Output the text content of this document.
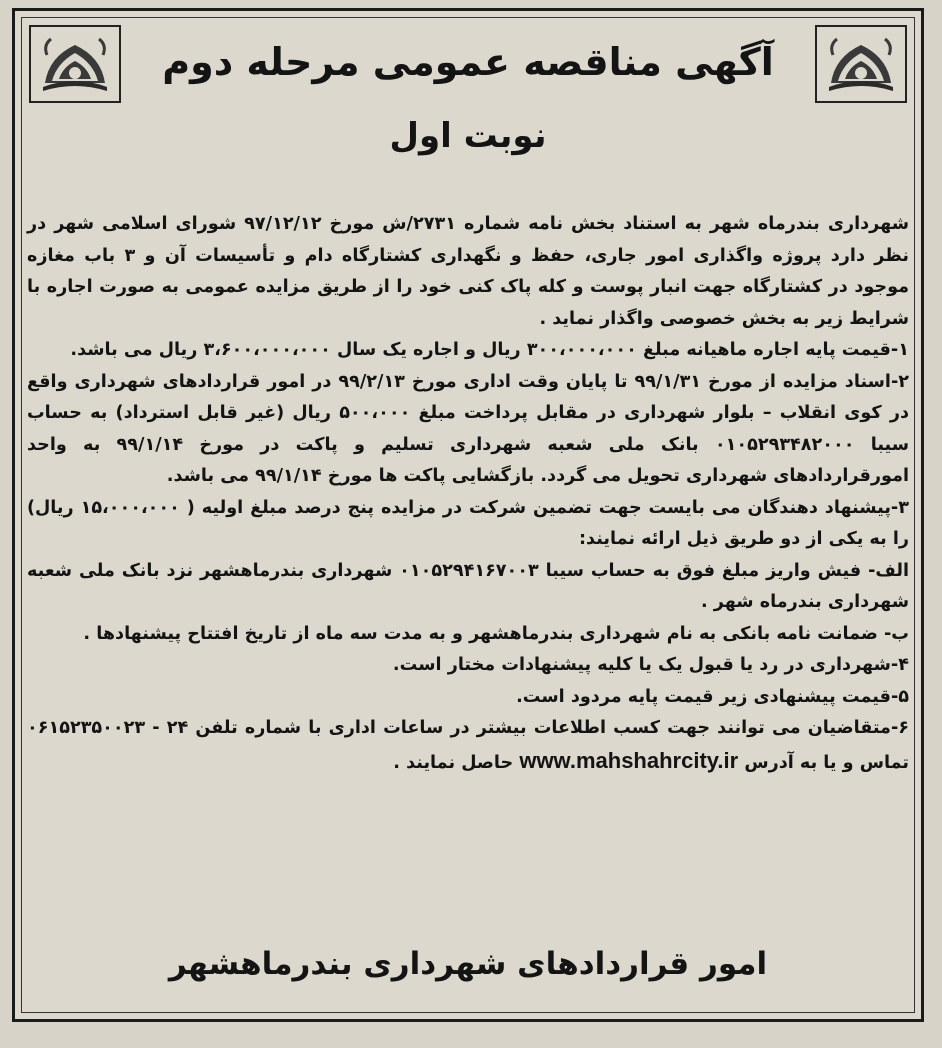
آگهی مناقصه عمومی مرحله دوم
نوبت اول

شهرداری بندرماه شهر به استناد بخش نامه شماره ۲۷۳۱/ش مورخ ۹۷/۱۲/۱۲ شورای اسلامی شهر در نظر دارد پروژه واگذاری امور جاری، حفظ و نگهداری کشتارگاه دام و تأسیسات آن و ۳ باب مغازه موجود در کشتارگاه جهت انبار پوست و کله پاک کنی خود را از طریق مزایده عمومی به صورت اجاره با شرایط زیر به بخش خصوصی واگذار نماید .

۱-قیمت پایه اجاره ماهیانه مبلغ ۳۰۰،۰۰۰،۰۰۰ ریال و اجاره یک سال ۳،۶۰۰،۰۰۰،۰۰۰ ریال می باشد.

۲-اسناد مزایده از مورخ ۹۹/۱/۳۱ تا پایان وقت اداری مورخ ۹۹/۲/۱۳ در امور قراردادهای شهرداری واقع در کوی انقلاب – بلوار شهرداری در مقابل پرداخت مبلغ ۵۰۰،۰۰۰ ریال (غیر قابل استرداد) به حساب سیبا ۰۱۰۵۲۹۳۴۸۲۰۰۰ بانک ملی شعبه شهرداری تسلیم و پاکت در مورخ ۹۹/۱/۱۴ به واحد امورقراردادهای شهرداری تحویل می گردد. بازگشایی پاکت ها مورخ ۹۹/۱/۱۴ می باشد.

۳-پیشنهاد دهندگان می بایست جهت تضمین شرکت در مزایده پنج درصد مبلغ اولیه ( ۱۵،۰۰۰،۰۰۰ ریال) را به یکی از دو طریق ذیل ارائه نمایند:

الف- فیش واریز مبلغ فوق به حساب سیبا ۰۱۰۵۲۹۴۱۶۷۰۰۳ شهرداری بندرماهشهر نزد بانک ملی شعبه شهرداری بندرماه شهر .

ب- ضمانت نامه بانکی به نام شهرداری بندرماهشهر و به مدت سه ماه از تاریخ افتتاح پیشنهادها .

۴-شهرداری در رد یا قبول یک یا کلیه پیشنهادات مختار است.

۵-قیمت پیشنهادی زیر قیمت پایه مردود است.

۶-متقاضیان می توانند جهت کسب اطلاعات بیشتر در ساعات اداری با شماره تلفن ۲۴ - ۰۶۱۵۲۳۵۰۰۲۳ تماس و یا به آدرس www.mahshahrcity.ir حاصل نمایند .

امور قراردادهای شهرداری بندرماهشهر
